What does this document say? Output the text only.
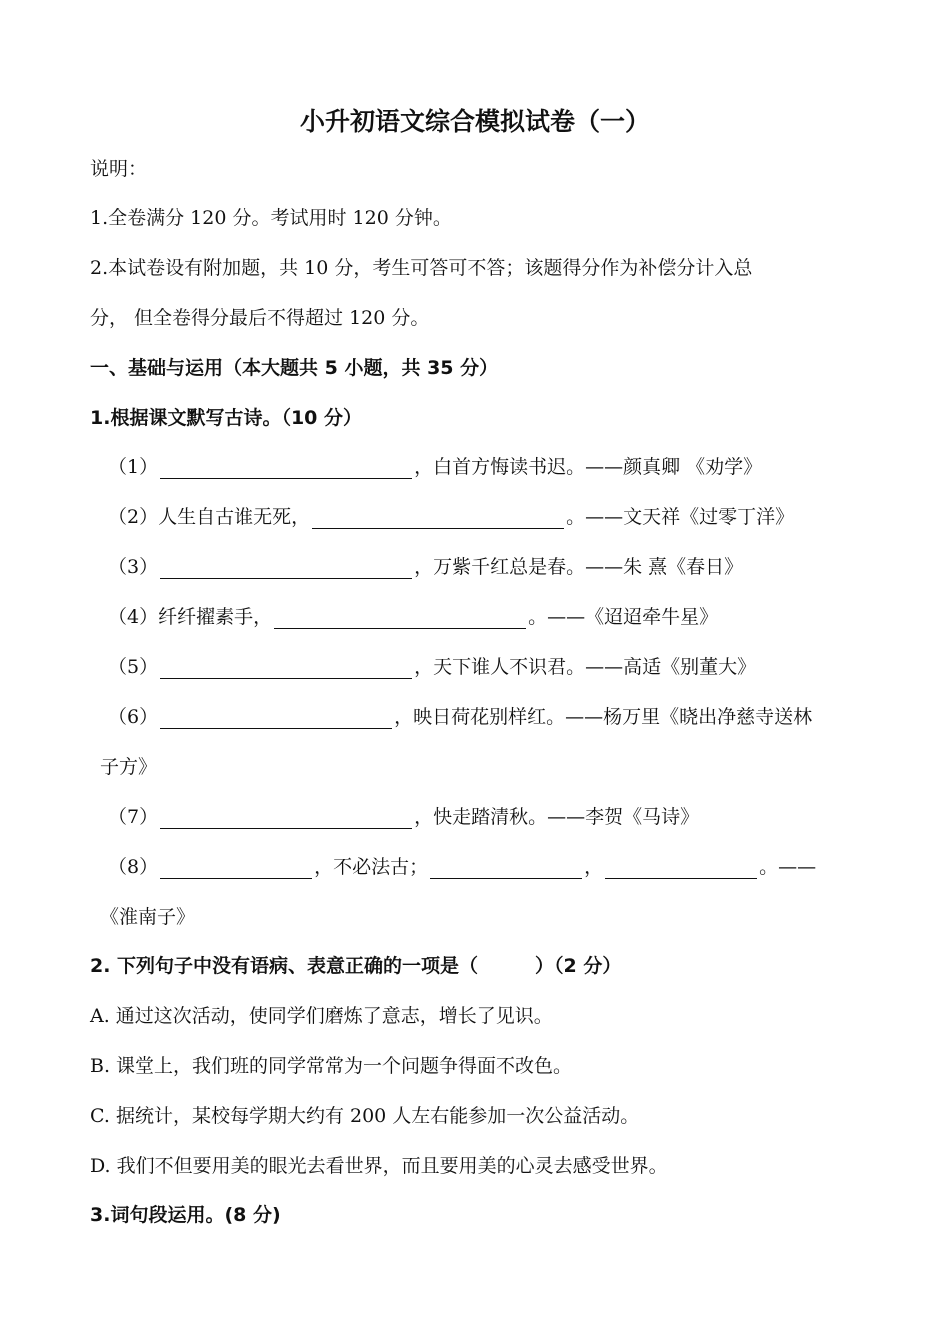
小升初语文综合模拟试卷（一）
说明：
1.全卷满分 120 分。考试用时 120 分钟。
2.本试卷设有附加题，共 10 分，考生可答可不答；该题得分作为补偿分计入总
分， 但全卷得分最后不得超过 120 分。
一、基础与运用（本大题共 5 小题，共 35 分）
1.根据课文默写古诗。（10 分）
（1）	，白首方悔读书迟。——颜真卿 《劝学》
（2）人生自古谁无死，	。——文天祥《过零丁洋》
（3）	，万紫千红总是春。——朱 熹《春日》
（4）纤纤擢素手，	。——《迢迢牵牛星》
（5）	，天下谁人不识君。——高适《别董大》
（6）	，映日荷花别样红。——杨万里《晓出净慈寺送林
子方》
（7）	，快走踏清秋。——李贺《马诗》
（8）	，不必法古；	，	。——
《淮南子》
2. 下列句子中没有语病、表意正确的一项是（　　　）（2 分）
A. 通过这次活动，使同学们磨炼了意志，增长了见识。
B. 课堂上，我们班的同学常常为一个问题争得面不改色。
C. 据统计，某校每学期大约有 200 人左右能参加一次公益活动。
D. 我们不但要用美的眼光去看世界，而且要用美的心灵去感受世界。
3.词句段运用。(8 分)
